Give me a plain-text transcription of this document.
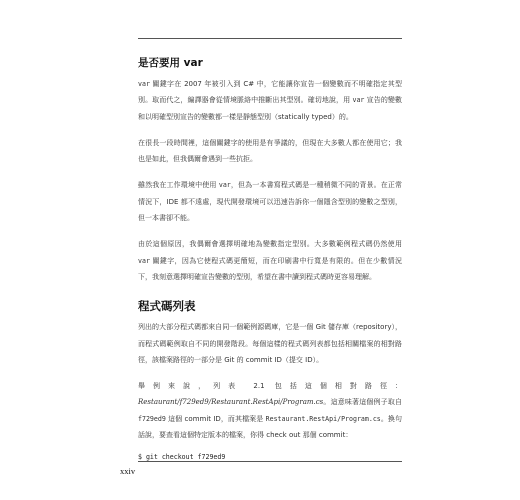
是否要用 var

var 關鍵字在 2007 年被引入到 C# 中，它能讓你宣告一個變數而不明確指定其型別。取而代之，編譯器會從情境脈絡中推斷出其型別。確切地說，用 var 宣告的變數和以明確型別宣告的變數都一樣是靜態型別（statically typed）的。

在很長一段時間裡，這個關鍵字的使用是有爭議的，但現在大多數人都在使用它；我也是如此，但我偶爾會遇到一些抗拒。

雖然我在工作環境中使用 var，但為一本書寫程式碼是一種稍微不同的背景。在正常情況下，IDE 都不遠處，現代開發環境可以迅速告訴你一個隱含型別的變數之型別，但一本書卻不能。

由於這個原因，我偶爾會選擇明確地為變數指定型別。大多數範例程式碼仍然使用 var 關鍵字，因為它使程式碼更簡短，而在印刷書中行寬是有限的。但在少數情況下，我刻意選擇明確宣告變數的型別，希望在書中讀到程式碼時更容易理解。

程式碼列表

列出的大部分程式碼都來自同一個範例源碼庫，它是一個 Git 儲存庫（repository），而程式碼範例取自不同的開發階段。每個這樣的程式碼列表都包括相關檔案的相對路徑，該檔案路徑的一部分是 Git 的 commit ID（提交 ID）。

舉例來說，列表 2.1 包括這個相對路徑：Restaurant/f729ed9/Restaurant.RestApi/Program.cs。這意味著這個例子取自 f729ed9 這個 commit ID，而其檔案是 Restaurant.RestApi/Program.cs。換句話說，要查看這個特定版本的檔案，你得 check out 那個 commit：

$ git checkout f729ed9
xxiv
